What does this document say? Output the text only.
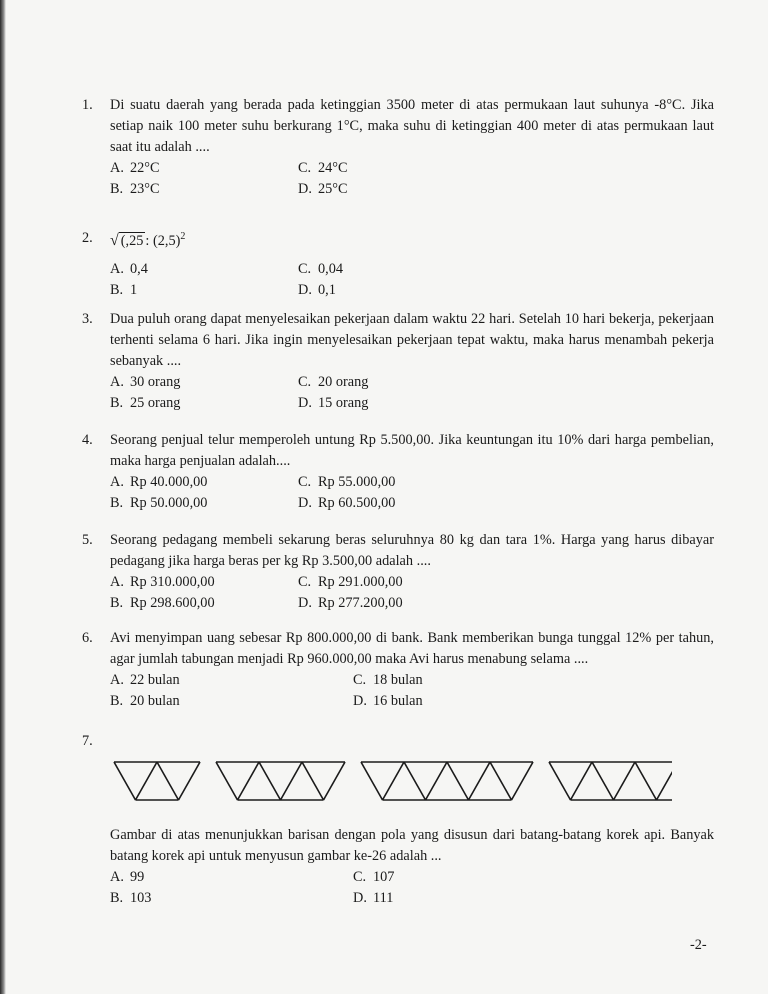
1.	Di suatu daerah yang berada pada ketinggian 3500 meter di atas permukaan laut suhunya -8°C. Jika setiap naik 100 meter suhu berkurang 1°C, maka suhu di ketinggian 400 meter di atas permukaan laut saat itu adalah ....
A. 22°C	C. 24°C
B. 23°C	D. 25°C
2.	√ (,25 : $(2,5)^2$
A. 0,4	C. 0,04
B. 1	D. 0,1
3.	Dua puluh orang dapat menyelesaikan pekerjaan dalam waktu 22 hari. Setelah 10 hari bekerja, pekerjaan terhenti selama 6 hari. Jika ingin menyelesaikan pekerjaan tepat waktu, maka harus menambah pekerja sebanyak ....
A. 30 orang	C. 20 orang
B. 25 orang	D. 15 orang
4.	Seorang penjual telur memperoleh untung Rp 5.500,00. Jika keuntungan itu 10% dari harga pembelian, maka harga penjualan adalah....
A. Rp 40.000,00	C. Rp 55.000,00
B. Rp 50.000,00	D. Rp 60.500,00
5.	Seorang pedagang membeli sekarung beras seluruhnya 80 kg dan tara 1%. Harga yang harus dibayar pedagang jika harga beras per kg Rp 3.500,00 adalah ....
A. Rp 310.000,00	C. Rp 291.000,00
B. Rp 298.600,00	D. Rp 277.200,00
6.	Avi menyimpan uang sebesar Rp 800.000,00 di bank. Bank memberikan bunga tunggal 12% per tahun, agar jumlah tabungan menjadi Rp 960.000,00 maka Avi harus menabung selama ....
A. 22 bulan	C. 18 bulan
B. 20 bulan	D. 16 bulan
7.
Gambar di atas menunjukkan barisan dengan pola yang disusun dari batang-batang korek api. Banyak batang korek api untuk menyusun gambar ke-26 adalah ...
A. 99	C. 107
B. 103	D. 111
-2-
